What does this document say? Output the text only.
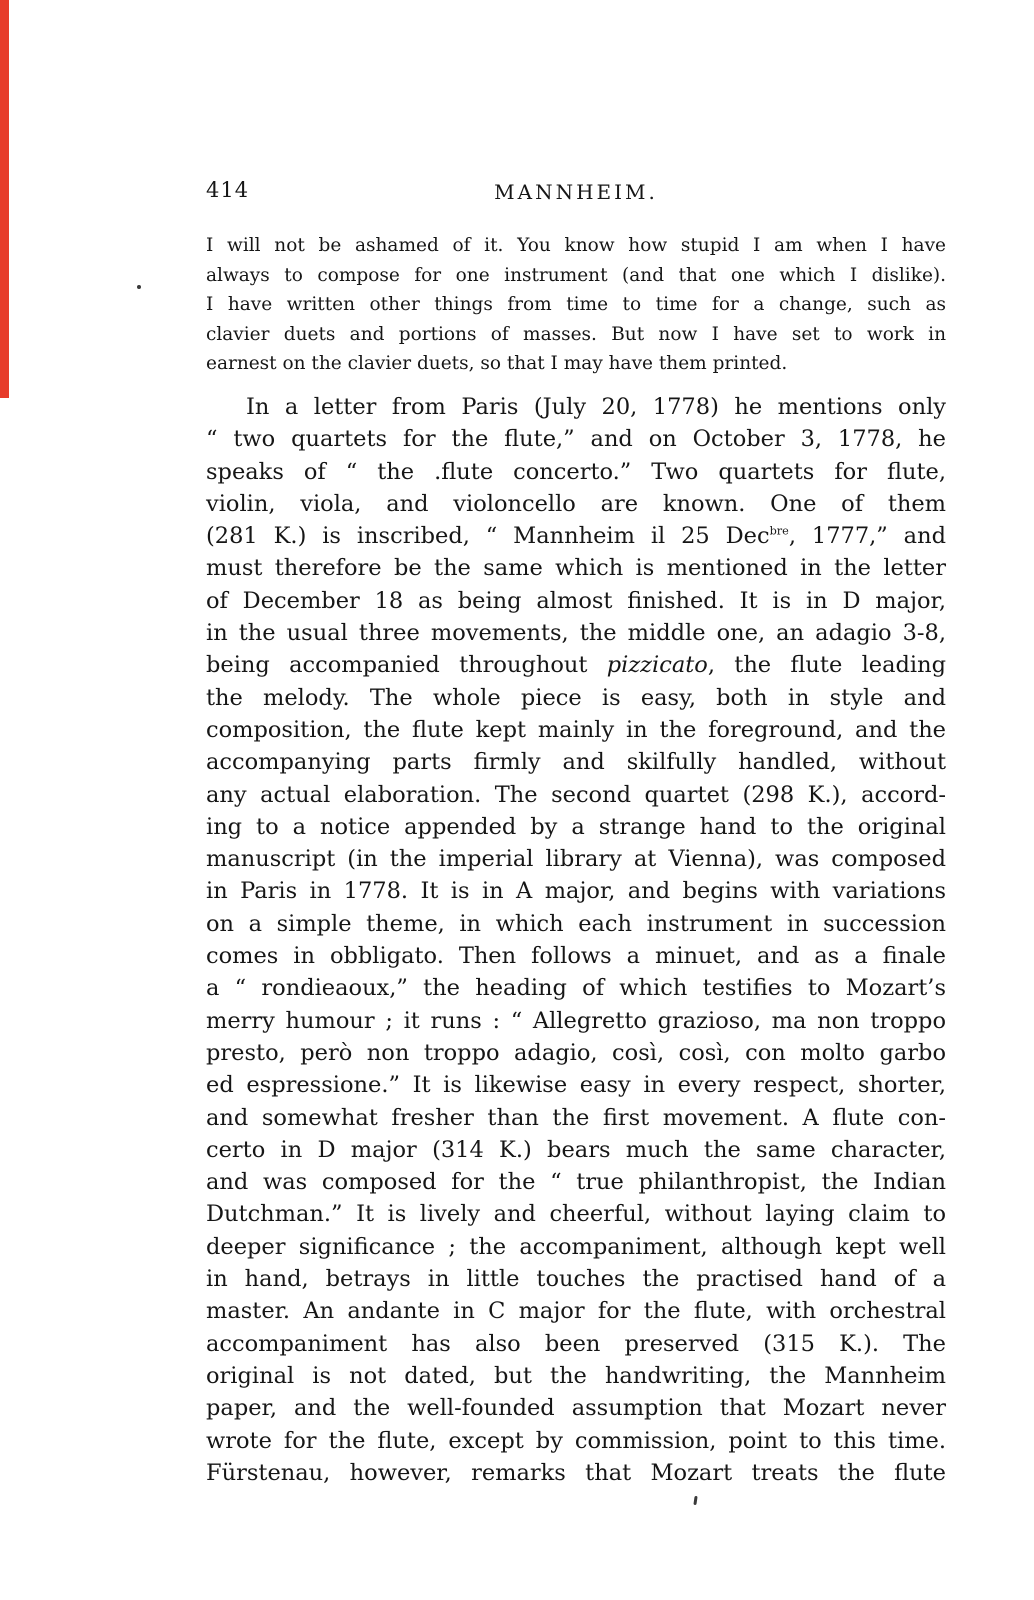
414	MANNHEIM.
I will not be ashamed of it. You know how stupid I am when I have
always to compose for one instrument (and that one which I dislike).
I have written other things from time to time for a change, such as
clavier duets and portions of masses. But now I have set to work in
earnest on the clavier duets, so that I may have them printed.
In a letter from Paris (July 20, 1778) he mentions only
“ two quartets for the flute,” and on October 3, 1778, he
speaks of “ the .flute concerto.” Two quartets for flute,
violin, viola, and violoncello are known. One of them
(281 K.) is inscribed, “ Mannheim il 25 Dec$^{bre}$, 1777,” and
must therefore be the same which is mentioned in the letter
of December 18 as being almost finished. It is in D major,
in the usual three movements, the middle one, an adagio 3-8,
being accompanied throughout pizzicato, the flute leading
the melody. The whole piece is easy, both in style and
composition, the flute kept mainly in the foreground, and the
accompanying parts firmly and skilfully handled, without
any actual elaboration. The second quartet (298 K.), accord-
ing to a notice appended by a strange hand to the original
manuscript (in the imperial library at Vienna), was composed
in Paris in 1778. It is in A major, and begins with variations
on a simple theme, in which each instrument in succession
comes in obbligato. Then follows a minuet, and as a finale
a “ rondieaoux,” the heading of which testifies to Mozart’s
merry humour ; it runs : “ Allegretto grazioso, ma non troppo
presto, però non troppo adagio, così, così, con molto garbo
ed espressione.” It is likewise easy in every respect, shorter,
and somewhat fresher than the first movement. A flute con-
certo in D major (314 K.) bears much the same character,
and was composed for the “ true philanthropist, the Indian
Dutchman.” It is lively and cheerful, without laying claim to
deeper significance ; the accompaniment, although kept well
in hand, betrays in little touches the practised hand of a
master. An andante in C major for the flute, with orchestral
accompaniment has also been preserved (315 K.). The
original is not dated, but the handwriting, the Mannheim
paper, and the well-founded assumption that Mozart never
wrote for the flute, except by commission, point to this time.
Fürstenau, however, remarks that Mozart treats the flute
